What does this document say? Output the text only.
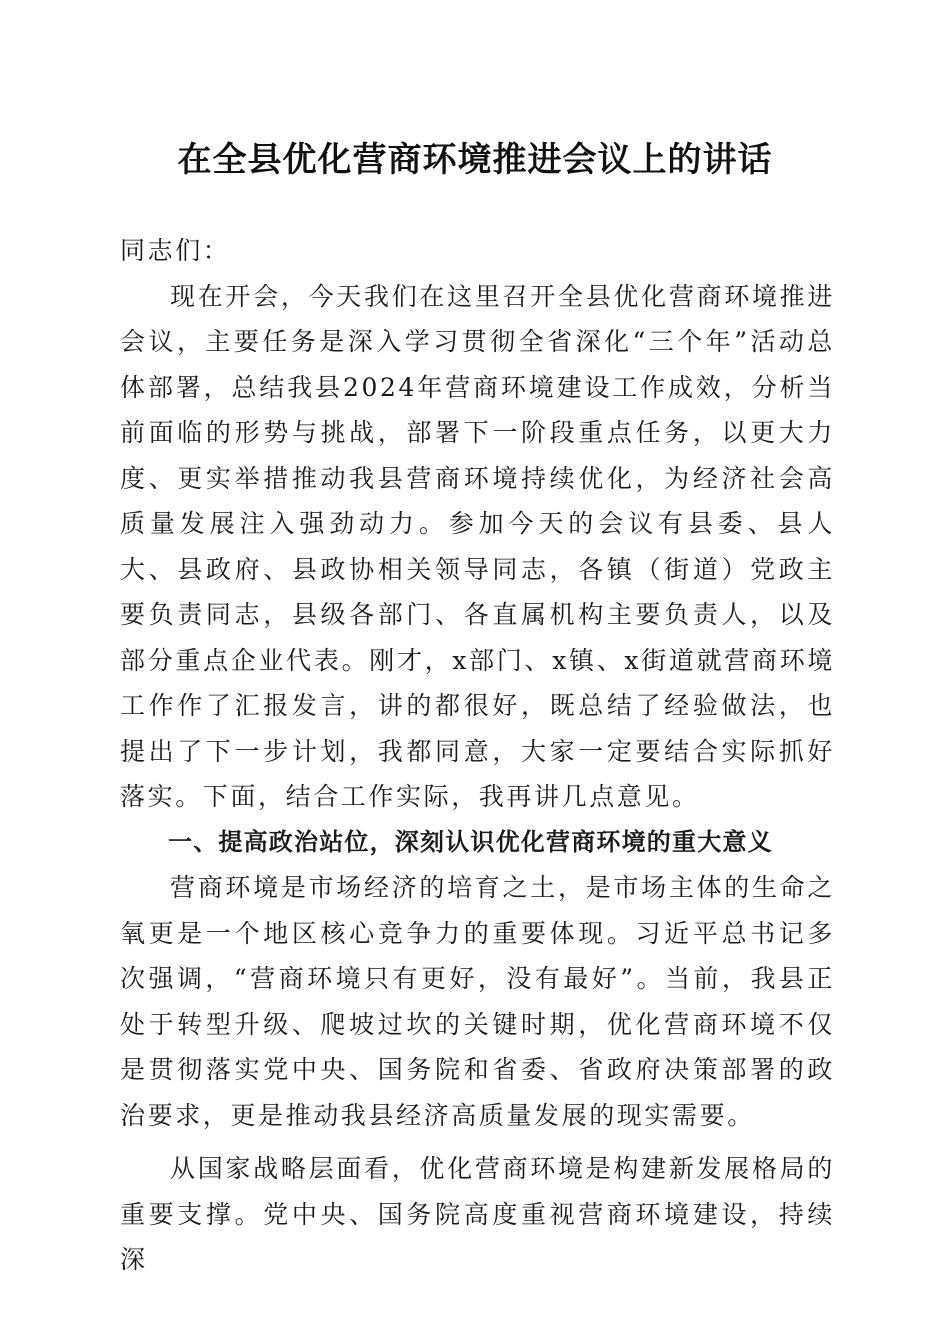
在全县优化营商环境推进会议上的讲话

同志们：

现在开会，今天我们在这里召开全县优化营商环境推进会议，主要任务是深入学习贯彻全省深化“三个年”活动总体部署，总结我县2024年营商环境建设工作成效，分析当前面临的形势与挑战，部署下一阶段重点任务，以更大力度、更实举措推动我县营商环境持续优化，为经济社会高质量发展注入强劲动力。参加今天的会议有县委、县人大、县政府、县政协相关领导同志，各镇（街道）党政主要负责同志，县级各部门、各直属机构主要负责人，以及部分重点企业代表。刚才，x部门、x镇、x街道就营商环境工作作了汇报发言，讲的都很好，既总结了经验做法，也提出了下一步计划，我都同意，大家一定要结合实际抓好落实。下面，结合工作实际，我再讲几点意见。

一、提高政治站位，深刻认识优化营商环境的重大意义

营商环境是市场经济的培育之土，是市场主体的生命之氧更是一个地区核心竞争力的重要体现。习近平总书记多次强调，“营商环境只有更好，没有最好”。当前，我县正处于转型升级、爬坡过坎的关键时期，优化营商环境不仅是贯彻落实党中央、国务院和省委、省政府决策部署的政治要求，更是推动我县经济高质量发展的现实需要。

从国家战略层面看，优化营商环境是构建新发展格局的重要支撑。党中央、国务院高度重视营商环境建设，持续深
